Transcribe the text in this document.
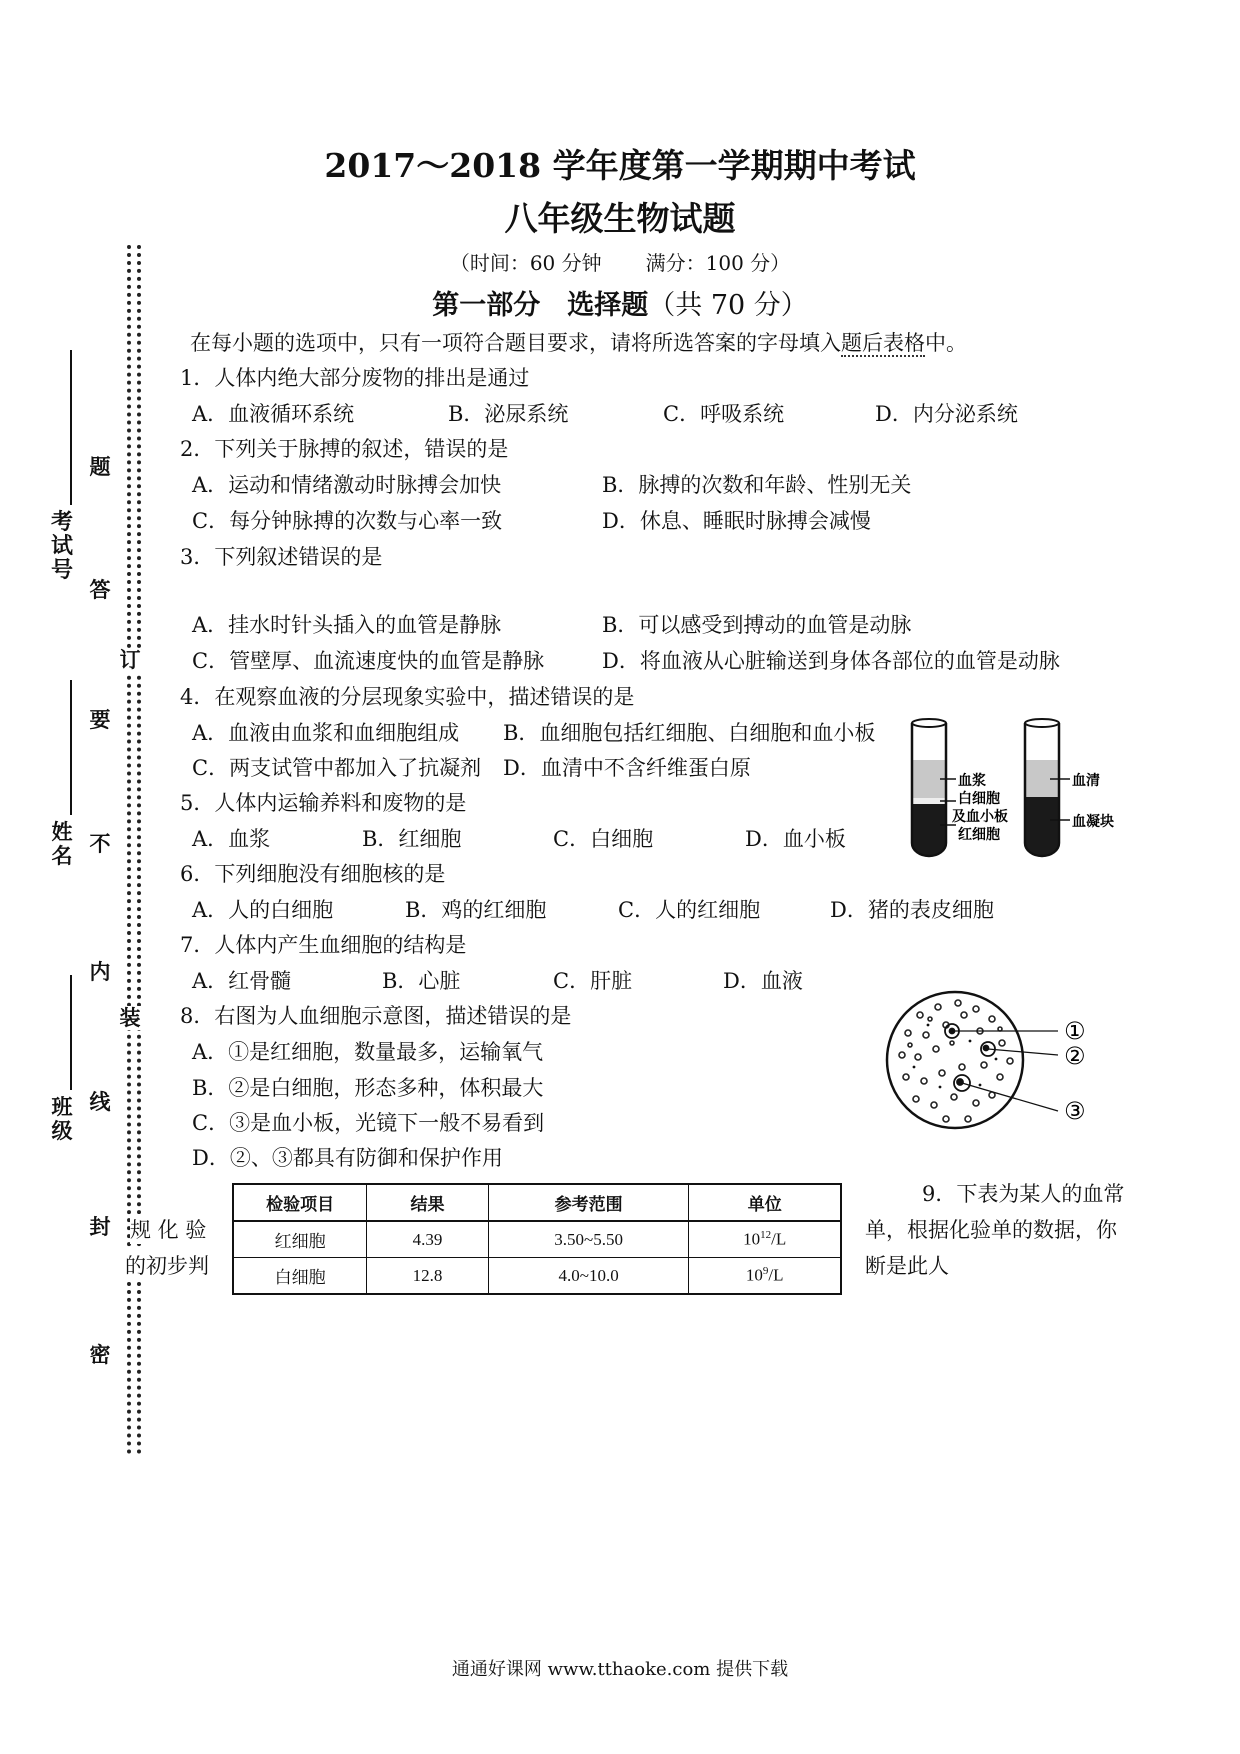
考
试
号
姓
名
班
级
题
答
要
不
内
线
封
密
订
装
2017～2018 学年度第一学期期中考试
八年级生物试题
（时间：60 分钟 满分：100 分）
第一部分　选择题（共 70 分）
在每小题的选项中，只有一项符合题目要求，请将所选答案的字母填入题后表格中。
1．人体内绝大部分废物的排出是通过
A．血液循环系统	B．泌尿系统	C．呼吸系统	D．内分泌系统
2．下列关于脉搏的叙述，错误的是
A．运动和情绪激动时脉搏会加快	B．脉搏的次数和年龄、性别无关
C．每分钟脉搏的次数与心率一致	D．休息、睡眠时脉搏会减慢
3．下列叙述错误的是
A．挂水时针头插入的血管是静脉	B．可以感受到搏动的血管是动脉
C．管壁厚、血流速度快的血管是静脉	D．将血液从心脏输送到身体各部位的血管是动脉
4．在观察血液的分层现象实验中，描述错误的是
A．血液由血浆和血细胞组成 B．血细胞包括红细胞、白细胞和血小板
C．两支试管中都加入了抗凝剂 D．血清中不含纤维蛋白原
5．人体内运输养料和废物的是
A．血浆	B．红细胞	C．白细胞	D．血小板
6．下列细胞没有细胞核的是
A．人的白细胞	B．鸡的红细胞	C．人的红细胞	D．猪的表皮细胞
7．人体内产生血细胞的结构是
A．红骨髓	B．心脏	C．肝脏	D．血液
8．右图为人血细胞示意图，描述错误的是
A．①是红细胞，数量最多，运输氧气
B．②是白细胞，形态多种，体积最大
C．③是血小板，光镜下一般不易看到
D．②、③都具有防御和保护作用
血浆
白细胞
及血小板
红细胞
血清
血凝块
①
②
③
9．下表为某人的血常
单，根据化验单的数据，你
断是此人
规 化 验
的初步判
检验项目	结果	参考范围	单位
红细胞	4.39	3.50~5.50	$10^{12}/L$
白细胞	12.8	4.0~10.0	$10^9/L$
通通好课网 www.tthaoke.com 提供下载
